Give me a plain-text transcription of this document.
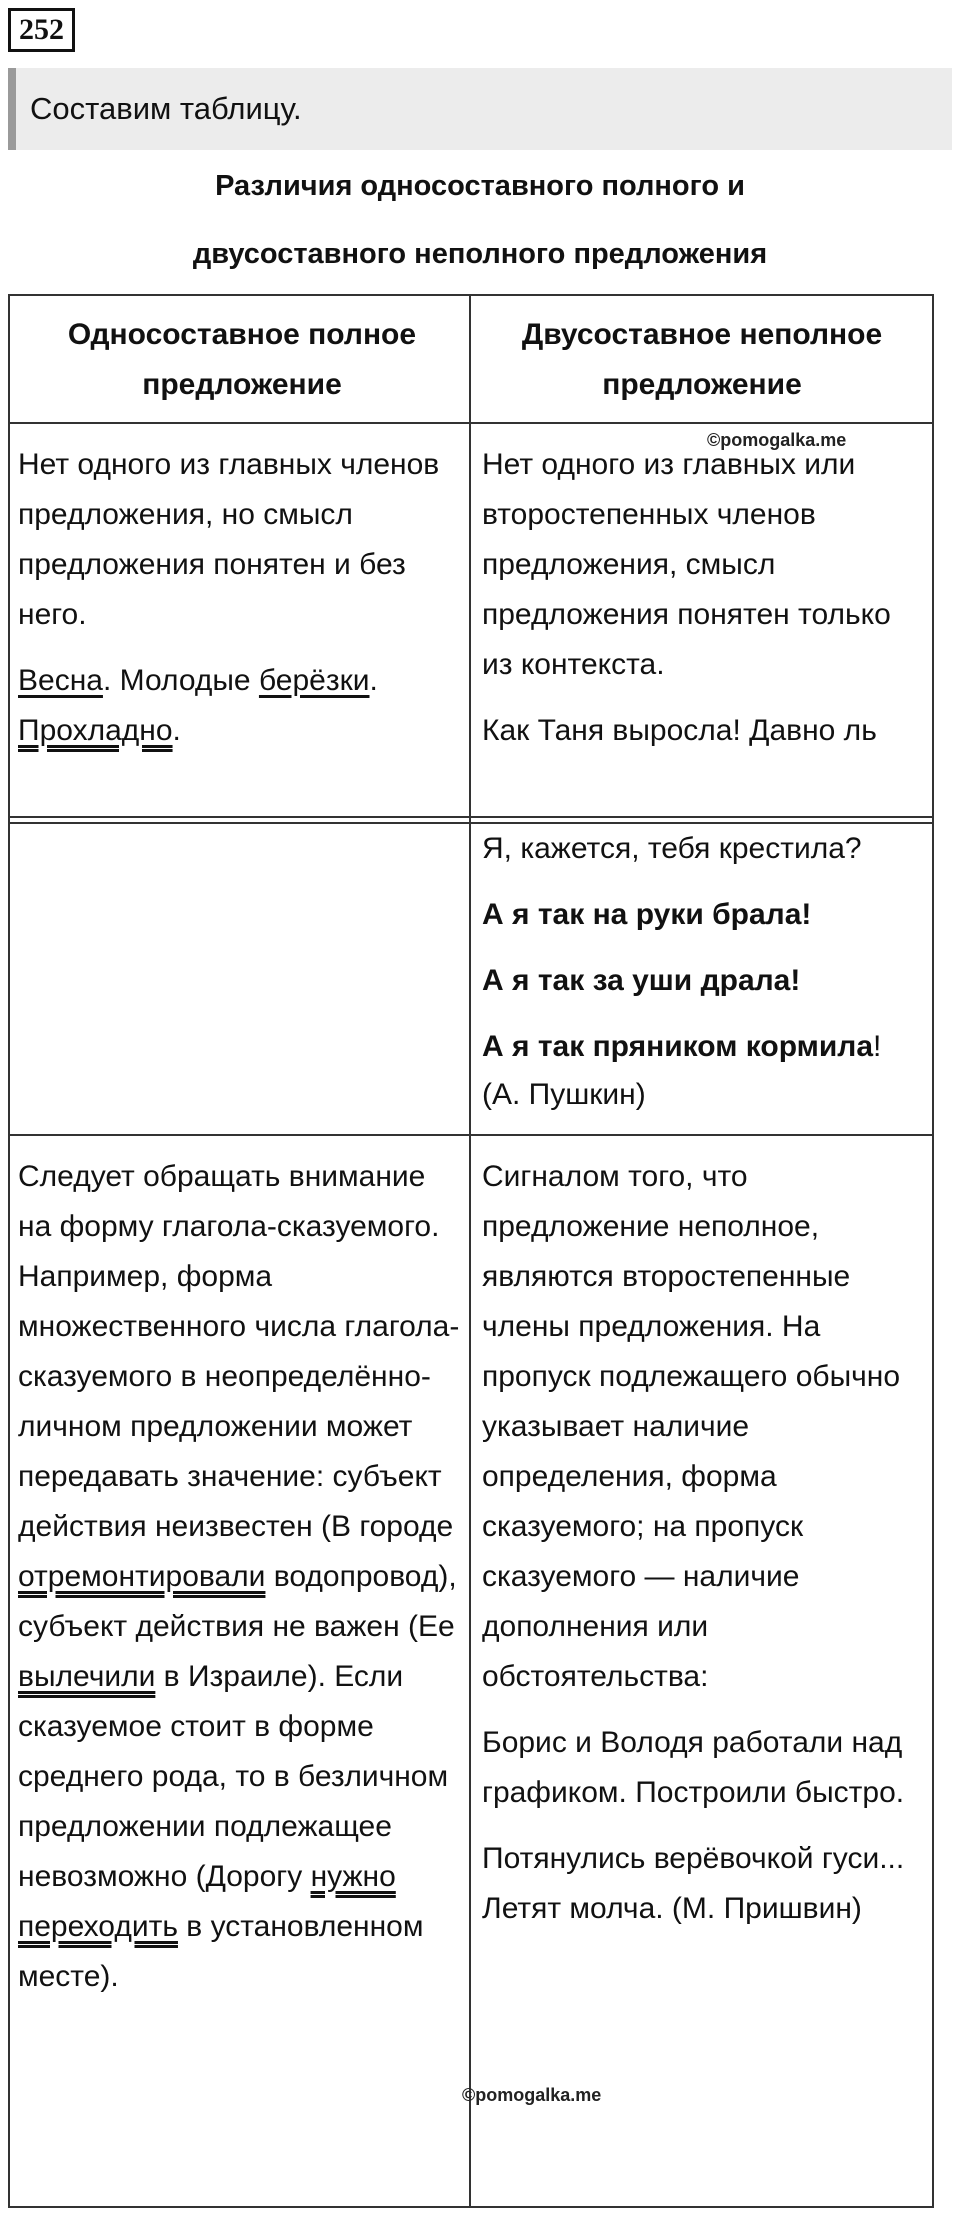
252
Составим таблицу.
Различия односоставного полного и
двусоставного неполного предложения
Односоставное полное предложение
Двусоставное неполное предложение

Нет одного из главных членов предложения, но смысл предложения понятен и без него.

Весна. Молодые берёзки. Прохладно.

©pomogalka.me

Нет одного из главных или второстепенных членов предложения, смысл предложения понятен только из контекста.

Как Таня выросла! Давно ль

Я, кажется, тебя крестила?

А я так на руки брала!

А я так за уши драла!

А я так пряником кормила! (А. Пушкин)

Следует обращать внимание на форму глагола-сказуемого. Например, форма множественного числа глагола-сказуемого в неопределённо-личном предложении может передавать значение: субъект действия неизвестен (В городе отремонтировали водопровод), субъект действия не важен (Ее вылечили в Израиле). Если сказуемое стоит в форме среднего рода, то в безличном предложении подлежащее невозможно (Дорогу нужно переходить в установленном месте).

Сигналом того, что предложение неполное, являются второстепенные члены предложения. На пропуск подлежащего обычно указывает наличие определения, форма сказуемого; на пропуск сказуемого — наличие дополнения или обстоятельства:

Борис и Володя работали над графиком. Построили быстро.

Потянулись верёвочкой гуси... Летят молча. (М. Пришвин)

©pomogalka.me
